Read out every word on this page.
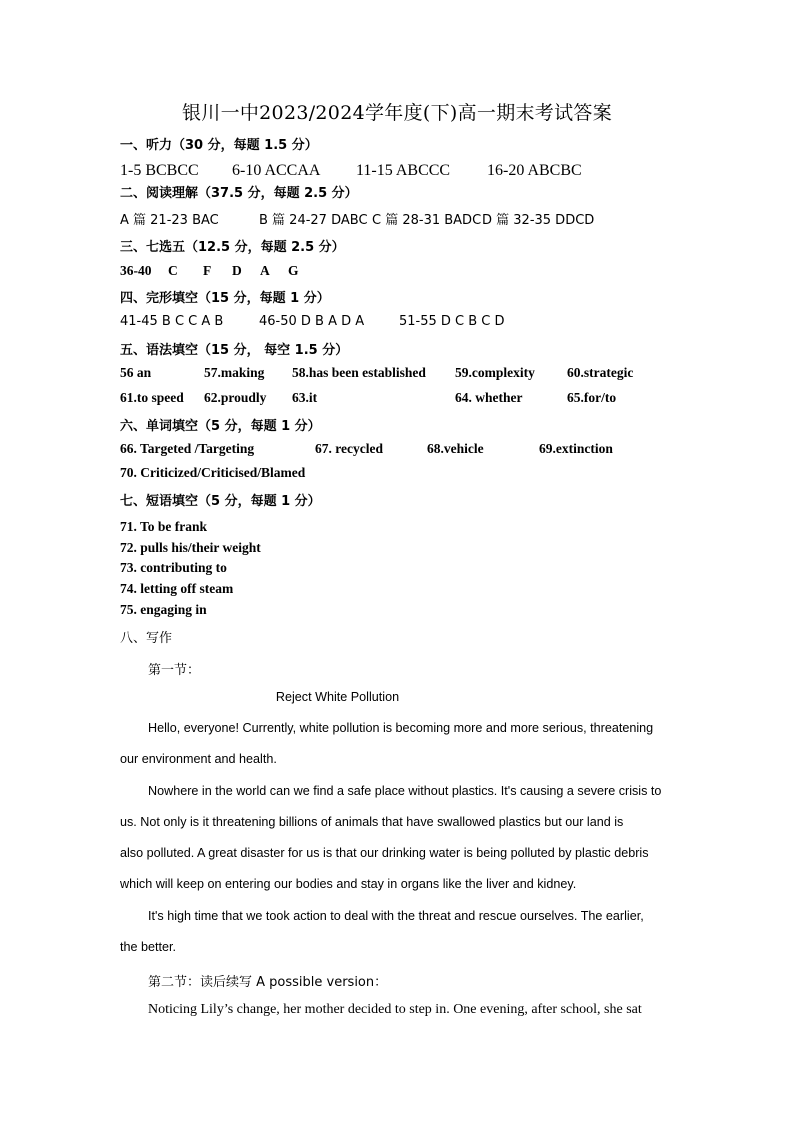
银川一中2023/2024学年度(下)高一期末考试答案
一、听力（30 分，每题 1.5 分）
1-5 BCBCC 6-10 ACCAA 11-15 ABCCC 16-20 ABCBC
二、阅读理解（37.5 分，每题 2.5 分）
A 篇 21-23 BAC	B 篇 24-27 DABC C 篇 28-31 BADC D 篇 32-35 DDCD
三、七选五（12.5 分，每题 2.5 分）
36-40 C F D A G
四、完形填空（15 分，每题 1 分）
41-45 B C C A B	46-50 D B A D A	51-55 D C B C D
五、语法填空（15 分， 每空 1.5 分）
56 an	57.making 58.has been established 59.complexity 60.strategic
61.to speed 62.proudly 63.it	64. whether	65.for/to
六、单词填空（5 分，每题 1 分）
66. Targeted /Targeting	67. recycled	68.vehicle	69.extinction
70. Criticized/Criticised/Blamed
七、短语填空（5 分，每题 1 分）
71. To be frank
72. pulls his/their weight
73. contributing to
74. letting off steam
75. engaging in
八、写作
第一节：
Reject White Pollution
Hello, everyone! Currently, white pollution is becoming more and more serious, threatening
our environment and health.
Nowhere in the world can we find a safe place without plastics. It's causing a severe crisis to
us. Not only is it threatening billions of animals that have swallowed plastics but our land is
also polluted. A great disaster for us is that our drinking water is being polluted by plastic debris
which will keep on entering our bodies and stay in organs like the liver and kidney.
It's high time that we took action to deal with the threat and rescue ourselves. The earlier,
the better.
第二节：读后续写 A possible version：
Noticing Lily’s change, her mother decided to step in. One evening, after school, she sat
